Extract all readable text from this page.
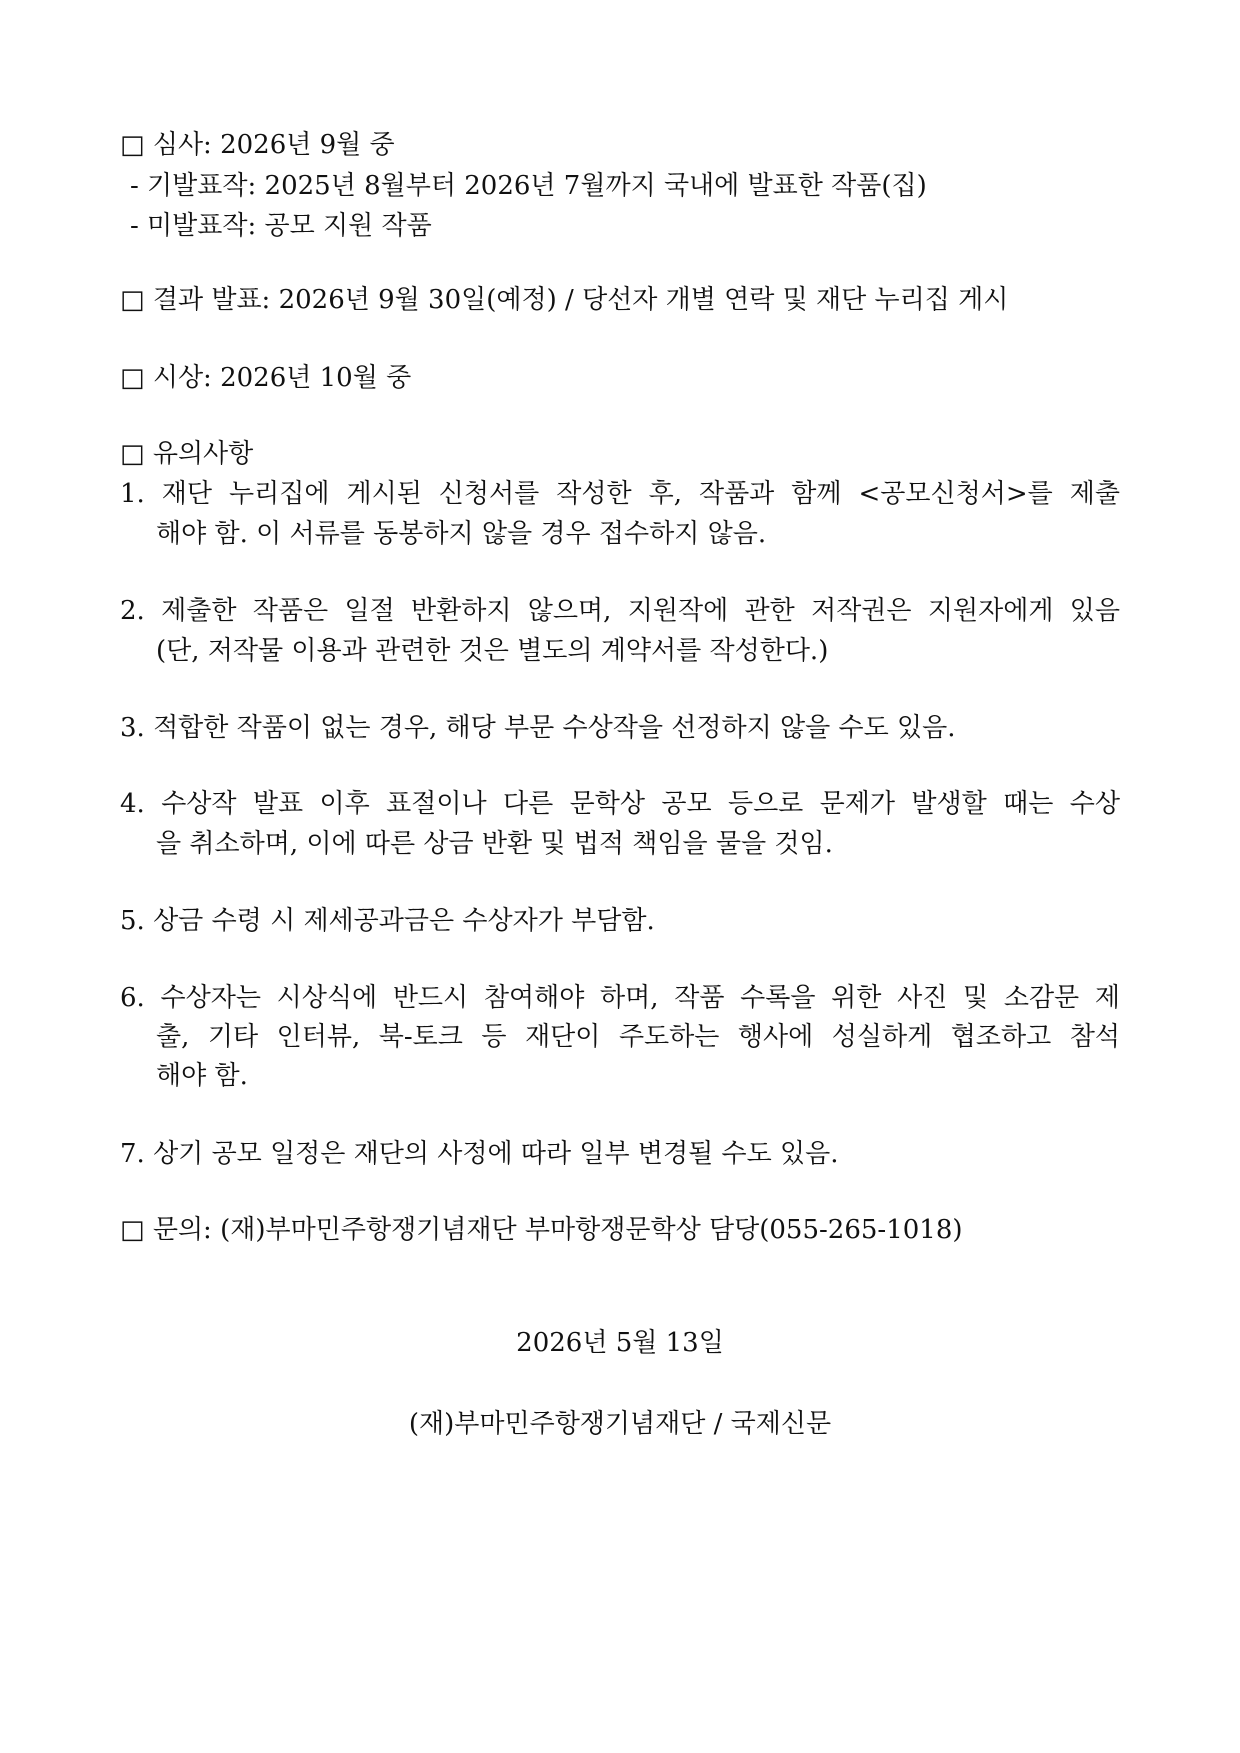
□ 심사: 2026년 9월 중
- 기발표작: 2025년 8월부터 2026년 7월까지 국내에 발표한 작품(집)
- 미발표작: 공모 지원 작품
□ 결과 발표: 2026년 9월 30일(예정) / 당선자 개별 연락 및 재단 누리집 게시
□ 시상: 2026년 10월 중
□ 유의사항
1. 재단 누리집에 게시된 신청서를 작성한 후, 작품과 함께 <공모신청서>를 제출
해야 함. 이 서류를 동봉하지 않을 경우 접수하지 않음.
2. 제출한 작품은 일절 반환하지 않으며, 지원작에 관한 저작권은 지원자에게 있음
(단, 저작물 이용과 관련한 것은 별도의 계약서를 작성한다.)
3. 적합한 작품이 없는 경우, 해당 부문 수상작을 선정하지 않을 수도 있음.
4. 수상작 발표 이후 표절이나 다른 문학상 공모 등으로 문제가 발생할 때는 수상
을 취소하며, 이에 따른 상금 반환 및 법적 책임을 물을 것임.
5. 상금 수령 시 제세공과금은 수상자가 부담함.
6. 수상자는 시상식에 반드시 참여해야 하며, 작품 수록을 위한 사진 및 소감문 제
출, 기타 인터뷰, 북-토크 등 재단이 주도하는 행사에 성실하게 협조하고 참석
해야 함.
7. 상기 공모 일정은 재단의 사정에 따라 일부 변경될 수도 있음.
□ 문의: (재)부마민주항쟁기념재단 부마항쟁문학상 담당(055-265-1018)
2026년 5월 13일
(재)부마민주항쟁기념재단 / 국제신문
